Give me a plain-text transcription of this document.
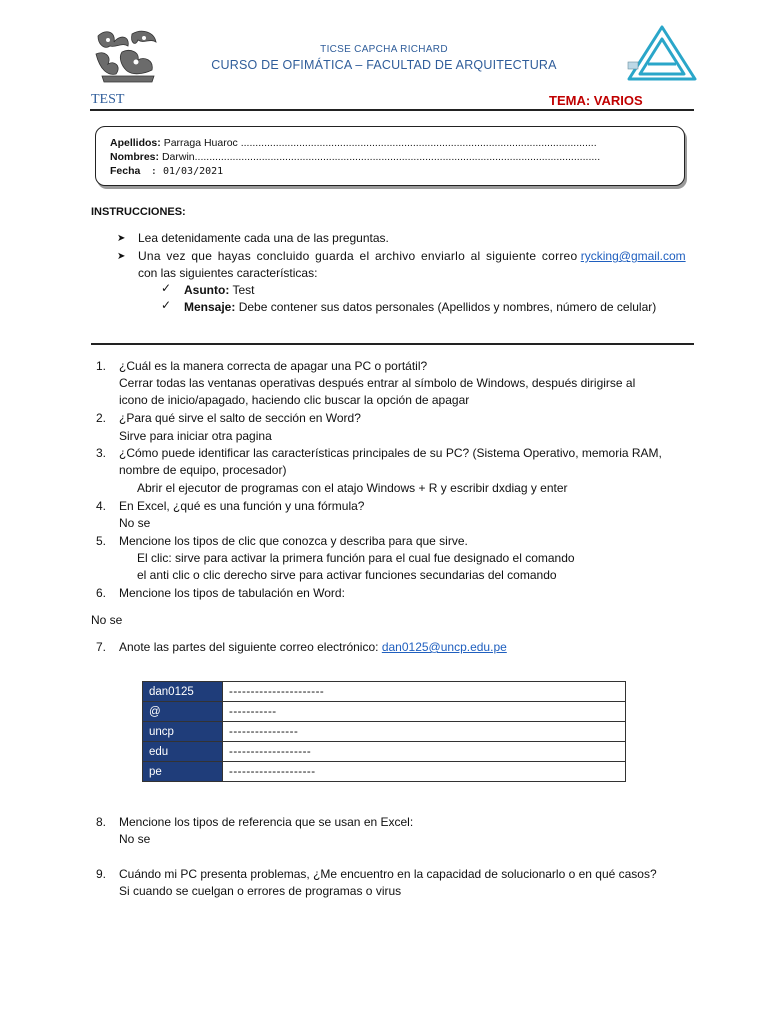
TICSE CAPCHA RICHARD
CURSO DE OFIMÁTICA – FACULTAD DE ARQUITECTURA
TEST	TEMA: VARIOS
Apellidos: Parraga Huaroc ..........................................................................................................................
Nombres: Darwin...........................................................................................................................................
Fecha : 01/03/2021
INSTRUCCIONES:
➤ Lea detenidamente cada una de las preguntas.
➤ Una vez que hayas concluido guarda el archivo enviarlo al siguiente correo rycking@gmail.com
con las siguientes características:
✓ Asunto: Test
✓ Mensaje: Debe contener sus datos personales (Apellidos y nombres, número de celular)
1. ¿Cuál es la manera correcta de apagar una PC o portátil?
Cerrar todas las ventanas operativas después entrar al símbolo de Windows, después dirigirse al
icono de inicio/apagado, haciendo clic buscar la opción de apagar
2. ¿Para qué sirve el salto de sección en Word?
Sirve para iniciar otra pagina
3. ¿Cómo puede identificar las características principales de su PC? (Sistema Operativo, memoria RAM,
nombre de equipo, procesador)
Abrir el ejecutor de programas con el atajo Windows + R y escribir dxdiag y enter
4. En Excel, ¿qué es una función y una fórmula?
No se
5. Mencione los tipos de clic que conozca y describa para que sirve.
El clic: sirve para activar la primera función para el cual fue designado el comando
el anti clic o clic derecho sirve para activar funciones secundarias del comando
6. Mencione los tipos de tabulación en Word:
No se
7. Anote las partes del siguiente correo electrónico: dan0125@uncp.edu.pe
dan0125	----------------------
@	-----------
uncp	----------------
edu	-------------------
pe	--------------------
8. Mencione los tipos de referencia que se usan en Excel:
No se
9. Cuándo mi PC presenta problemas, ¿Me encuentro en la capacidad de solucionarlo o en qué casos?
Si cuando se cuelgan o errores de programas o virus
